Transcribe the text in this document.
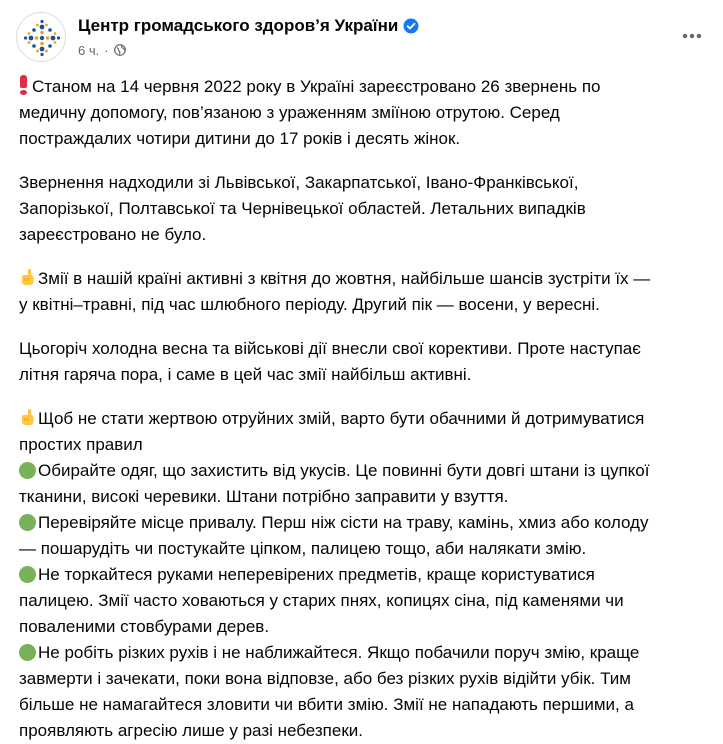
Центр громадського здоров’я України
6 ч. ·

Станом на 14 червня 2022 року в Україні зареєстровано 26 звернень по
медичну допомогу, пов’язаною з ураженням зміїною отрутою. Серед
постраждалих чотири дитини до 17 років і десять жінок.

Звернення надходили зі Львівської, Закарпатської, Івано-Франківської,
Запорізької, Полтавської та Чернівецької областей. Летальних випадків
зареєстровано не було.

Змії в нашій країні активні з квітня до жовтня, найбільше шансів зустріти їх —
у квітні–травні, під час шлюбного періоду. Другий пік — восени, у вересні.

Цьогоріч холодна весна та військові дії внесли свої корективи. Проте наступає
літня гаряча пора, і саме в цей час змії найбільш активні.

Щоб не стати жертвою отруйних змій, варто бути обачними й дотримуватися
простих правил
Обирайте одяг, що захистить від укусів. Це повинні бути довгі штани із цупкої
тканини, високі черевики. Штани потрібно заправити у взуття.
Перевіряйте місце привалу. Перш ніж сісти на траву, камінь, хмиз або колоду
— пошарудіть чи постукайте ціпком, палицею тощо, аби налякати змію.
Не торкайтеся руками неперевірених предметів, краще користуватися
палицею. Змії часто ховаються у старих пнях, копицях сіна, під каменями чи
поваленими стовбурами дерев.
Не робіть різких рухів і не наближайтеся. Якщо побачили поруч змію, краще
завмерти і зачекати, поки вона відповзе, або без різких рухів відійти убік. Тим
більше не намагайтеся зловити чи вбити змію. Змії не нападають першими, а
проявляють агресію лише у разі небезпеки.
